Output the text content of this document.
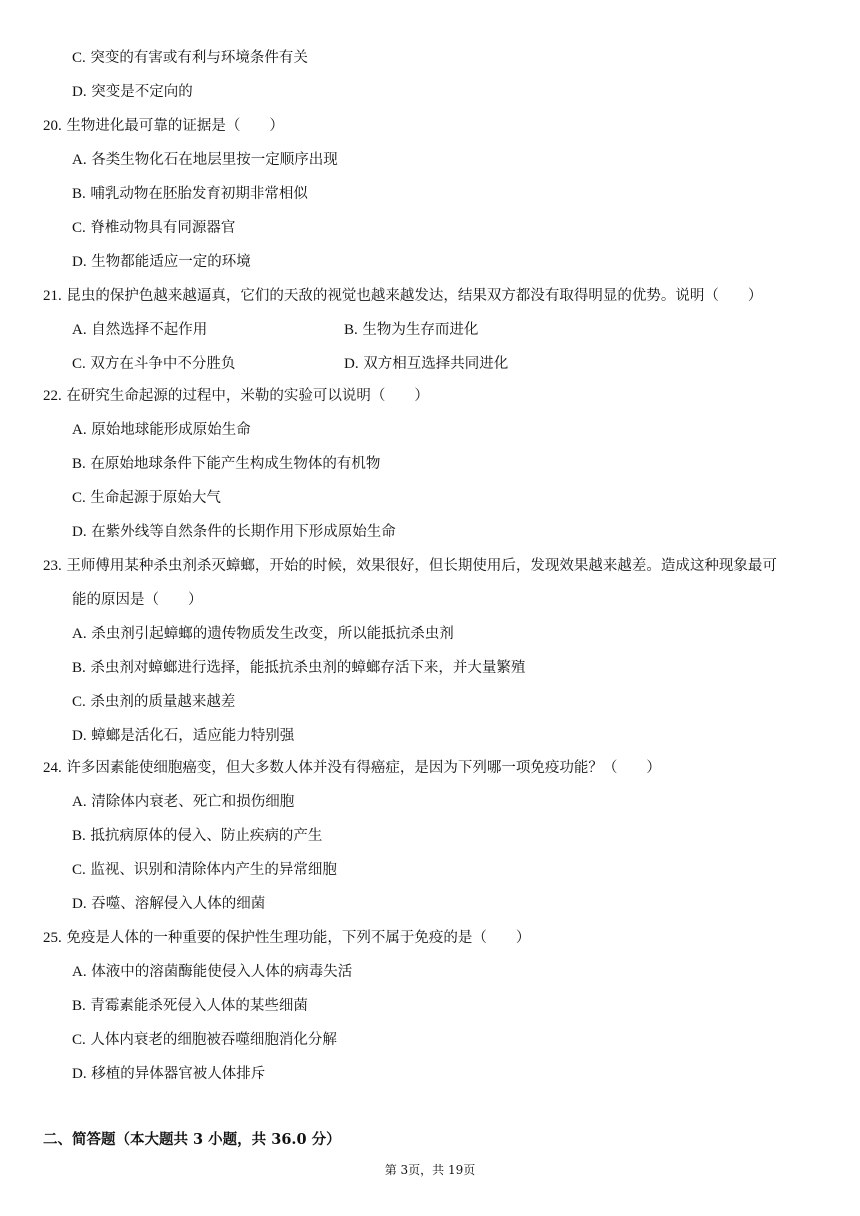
C. 突变的有害或有利与环境条件有关
D. 突变是不定向的
20. 生物进化最可靠的证据是（　　）
A. 各类生物化石在地层里按一定顺序出现
B. 哺乳动物在胚胎发育初期非常相似
C. 脊椎动物具有同源器官
D. 生物都能适应一定的环境
21. 昆虫的保护色越来越逼真，它们的天敌的视觉也越来越发达，结果双方都没有取得明显的优势。说明（　　）
A. 自然选择不起作用	B. 生物为生存而进化
C. 双方在斗争中不分胜负	D. 双方相互选择共同进化
22. 在研究生命起源的过程中，米勒的实验可以说明（　　）
A. 原始地球能形成原始生命
B. 在原始地球条件下能产生构成生物体的有机物
C. 生命起源于原始大气
D. 在紫外线等自然条件的长期作用下形成原始生命
23. 王师傅用某种杀虫剂杀灭蟑螂，开始的时候，效果很好，但长期使用后，发现效果越来越差。造成这种现象最可
能的原因是（　　）
A. 杀虫剂引起蟑螂的遗传物质发生改变，所以能抵抗杀虫剂
B. 杀虫剂对蟑螂进行选择，能抵抗杀虫剂的蟑螂存活下来，并大量繁殖
C. 杀虫剂的质量越来越差
D. 蟑螂是活化石，适应能力特别强
24. 许多因素能使细胞癌变，但大多数人体并没有得癌症，是因为下列哪一项免疫功能？（　　）
A. 清除体内衰老、死亡和损伤细胞
B. 抵抗病原体的侵入、防止疾病的产生
C. 监视、识别和清除体内产生的异常细胞
D. 吞噬、溶解侵入人体的细菌
25. 免疫是人体的一种重要的保护性生理功能，下列不属于免疫的是（　　）
A. 体液中的溶菌酶能使侵入人体的病毒失活
B. 青霉素能杀死侵入人体的某些细菌
C. 人体内衰老的细胞被吞噬细胞消化分解
D. 移植的异体器官被人体排斥
二、简答题（本大题共 3 小题，共 36.0 分）
第 3页，共 19页
